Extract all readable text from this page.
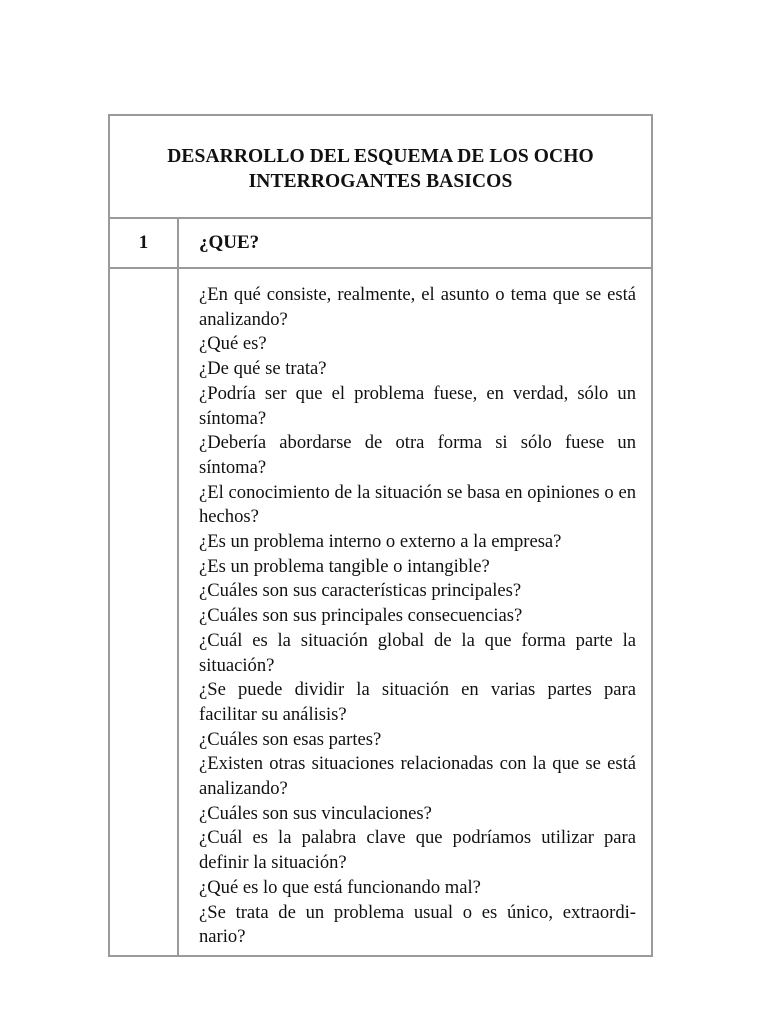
DESARROLLO DEL ESQUEMA DE LOS OCHO
INTERROGANTES BASICOS
1	¿QUE?
¿En qué consiste, realmente, el asunto o tema que se está analizando?
¿Qué es?
¿De qué se trata?
¿Podría ser que el problema fuese, en verdad, sólo un síntoma?
¿Debería abordarse de otra forma si sólo fuese un síntoma?
¿El conocimiento de la situación se basa en opiniones o en hechos?
¿Es un problema interno o externo a la empresa?
¿Es un problema tangible o intangible?
¿Cuáles son sus características principales?
¿Cuáles son sus principales consecuencias?
¿Cuál es la situación global de la que forma parte la situación?
¿Se puede dividir la situación en varias partes para facilitar su análisis?
¿Cuáles son esas partes?
¿Existen otras situaciones relacionadas con la que se está analizando?
¿Cuáles son sus vinculaciones?
¿Cuál es la palabra clave que podríamos utilizar para definir la situación?
¿Qué es lo que está funcionando mal?
¿Se trata de un problema usual o es único, extraordi-nario?
